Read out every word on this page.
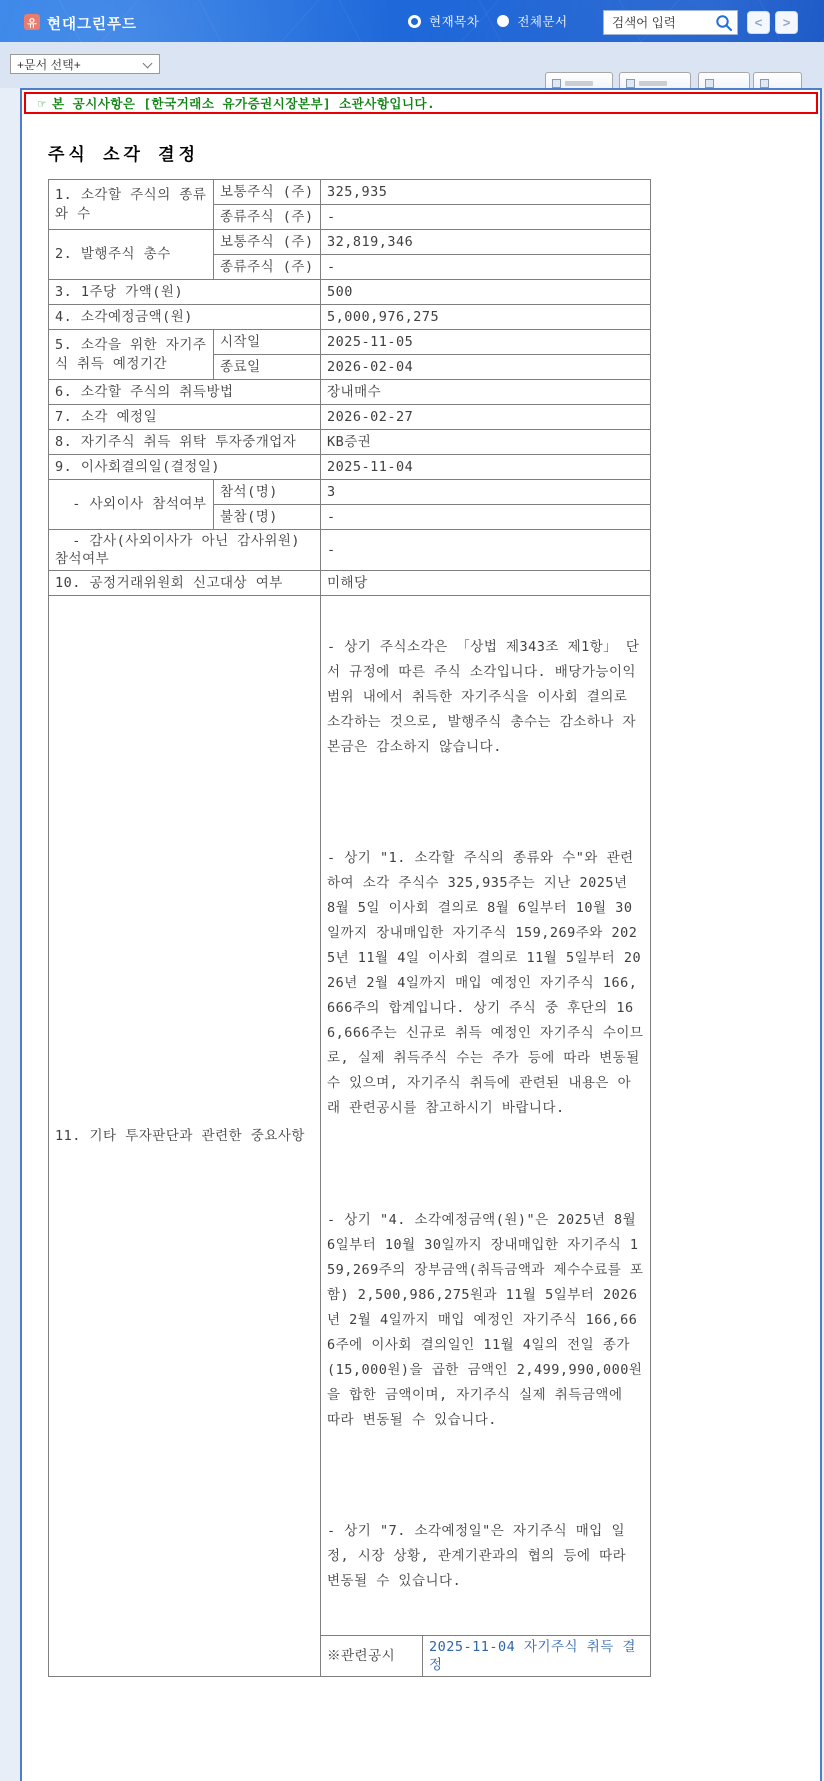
유 현대그린푸드	현재목차	전체문서
검색어 입력	< >
+문서 선택+
☞ 본 공시사항은 [한국거래소 유가증권시장본부] 소관사항입니다.
주식 소각 결정
1. 소각할 주식의 종류와 수	보통주식 (주)	325,935	
	종류주식 (주)	-	
2. 발행주식 총수	보통주식 (주)	32,819,346	
	종류주식 (주)	-	
3. 1주당 가액(원)		500	
4. 소각예정금액(원)		5,000,976,275	
5. 소각을 위한 자기주식 취득 예정기간	시작일	2025-11-05	
	종료일	2026-02-04	
6. 소각할 주식의 취득방법		장내매수	
7. 소각 예정일		2026-02-27	
8. 자기주식 취득 위탁 투자중개업자		KB증권	
9. 이사회결의일(결정일)		2025-11-04	
- 사외이사 참석여부	참석(명)	3	
	불참(명)	-	
- 감사(사외이사가 아닌 감사위원) 참석여부		-	
10. 공정거래위원회 신고대상 여부		미해당	
11. 기타 투자판단과 관련한 중요사항		- 상기 주식소각은 「상법 제343조 제1항」 단서 규정에 따른 주식 소각입니다. 배당가능이익 범위 내에서 취득한 자기주식을 이사회 결의로 소각하는 것으로, 발행주식 총수는 감소하나 자본금은 감소하지 않습니다.

- 상기 "1. 소각할 주식의 종류와 수"와 관련하여 소각 주식수 325,935주는 지난 2025년 8월 5일 이사회 결의로 8월 6일부터 10월 30일까지 장내매입한 자기주식 159,269주와 2025년 11월 4일 이사회 결의로 11월 5일부터 2026년 2월 4일까지 매입 예정인 자기주식 166,666주의 합계입니다. 상기 주식 중 후단의 166,666주는 신규로 취득 예정인 자기주식 수이므로, 실제 취득주식 수는 주가 등에 따라 변동될 수 있으며, 자기주식 취득에 관련된 내용은 아래 관련공시를 참고하시기 바랍니다.

- 상기 "4. 소각예정금액(원)"은 2025년 8월 6일부터 10월 30일까지 장내매입한 자기주식 159,269주의 장부금액(취득금액과 제수수료를 포함) 2,500,986,275원과 11월 5일부터 2026년 2월 4일까지 매입 예정인 자기주식 166,666주에 이사회 결의일인 11월 4일의 전일 종가(15,000원)을 곱한 금액인 2,499,990,000원을 합한 금액이며, 자기주식 실제 취득금액에 따라 변동될 수 있습니다.

- 상기 "7. 소각예정일"은 자기주식 매입 일정, 시장 상황, 관계기관과의 협의 등에 따라 변동될 수 있습니다.	

		※관련공시	2025-11-04 자기주식 취득 결정
